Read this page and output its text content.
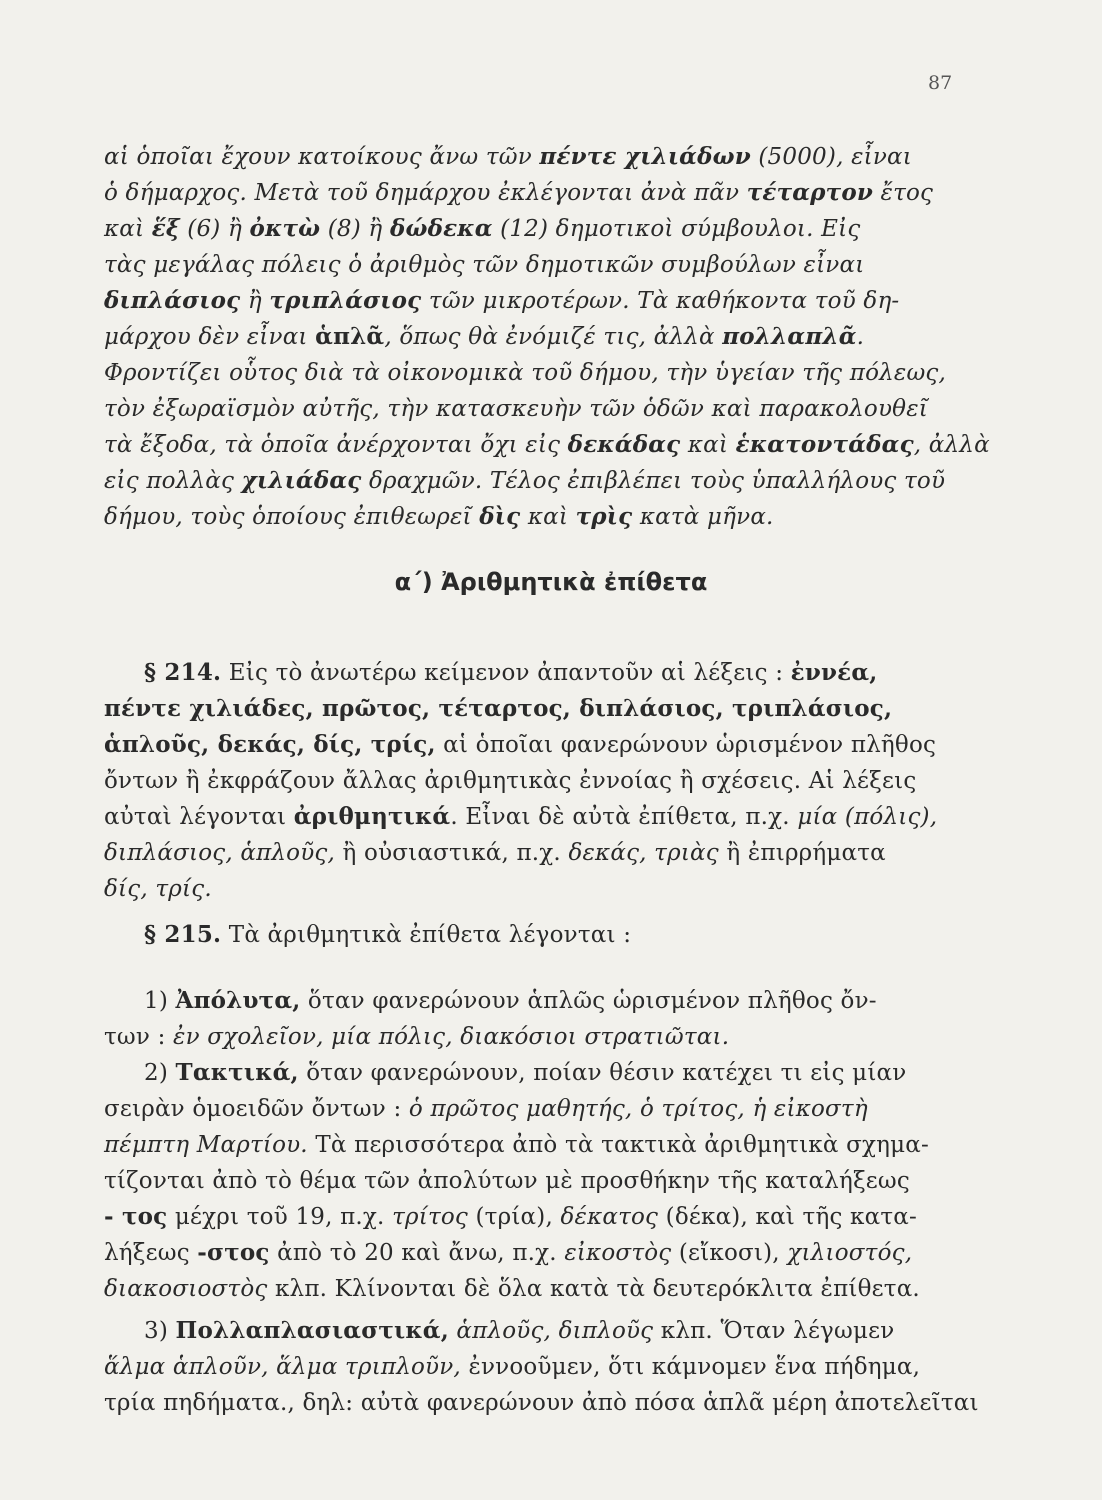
87
αἱ ὁποῖαι ἔχουν κατοίκους ἄνω τῶν πέντε χιλιάδων (5000), εἶναι
ὁ δήμαρχος. Μετὰ τοῦ δημάρχου ἐκλέγονται ἀνὰ πᾶν τέταρτον ἔτος
καὶ ἕξ (6) ἢ ὀκτὼ (8) ἢ δώδεκα (12) δημοτικοὶ σύμβουλοι. Εἰς
τὰς μεγάλας πόλεις ὁ ἀριθμὸς τῶν δημοτικῶν συμβούλων εἶναι
διπλάσιος ἢ τριπλάσιος τῶν μικροτέρων. Τὰ καθήκοντα τοῦ δη-
μάρχου δὲν εἶναι ἁπλᾶ, ὅπως θὰ ἐνόμιζέ τις, ἀλλὰ πολλαπλᾶ.
Φροντίζει οὗτος διὰ τὰ οἰκονομικὰ τοῦ δήμου, τὴν ὑγείαν τῆς πόλεως,
τὸν ἐξωραϊσμὸν αὐτῆς, τὴν κατασκευὴν τῶν ὁδῶν καὶ παρακολουθεῖ
τὰ ἔξοδα, τὰ ὁποῖα ἀνέρχονται ὄχι εἰς δεκάδας καὶ ἑκατοντάδας, ἀλλὰ
εἰς πολλὰς χιλιάδας δραχμῶν. Τέλος ἐπιβλέπει τοὺς ὑπαλλήλους τοῦ
δήμου, τοὺς ὁποίους ἐπιθεωρεῖ δὶς καὶ τρὶς κατὰ μῆνα.
α΄) Ἀριθμητικὰ ἐπίθετα
§ 214. Εἰς τὸ ἀνωτέρω κείμενον ἀπαντοῦν αἱ λέξεις : ἐννέα,
πέντε χιλιάδες, πρῶτος, τέταρτος, διπλάσιος, τριπλάσιος,
ἁπλοῦς, δεκάς, δίς, τρίς, αἱ ὁποῖαι φανερώνουν ὡρισμένον πλῆθος
ὄντων ἢ ἐκφράζουν ἄλλας ἀριθμητικὰς ἐννοίας ἢ σχέσεις. Αἱ λέξεις
αὐταὶ λέγονται ἀριθμητικά. Εἶναι δὲ αὐτὰ ἐπίθετα, π.χ. μία (πόλις),
διπλάσιος, ἁπλοῦς, ἢ οὐσιαστικά, π.χ. δεκάς, τριὰς ἢ ἐπιρρήματα
δίς, τρίς.
§ 215. Τὰ ἀριθμητικὰ ἐπίθετα λέγονται :
1) Ἀπόλυτα, ὅταν φανερώνουν ἁπλῶς ὡρισμένον πλῆθος ὄν-
των : ἐν σχολεῖον, μία πόλις, διακόσιοι στρατιῶται.
2) Τακτικά, ὅταν φανερώνουν, ποίαν θέσιν κατέχει τι εἰς μίαν
σειρὰν ὁμοειδῶν ὄντων : ὁ πρῶτος μαθητής, ὁ τρίτος, ἡ εἰκοστὴ
πέμπτη Μαρτίου. Τὰ περισσότερα ἀπὸ τὰ τακτικὰ ἀριθμητικὰ σχημα-
τίζονται ἀπὸ τὸ θέμα τῶν ἀπολύτων μὲ προσθήκην τῆς καταλήξεως
- τος μέχρι τοῦ 19, π.χ. τρίτος (τρία), δέκατος (δέκα), καὶ τῆς κατα-
λήξεως -στος ἀπὸ τὸ 20 καὶ ἄνω, π.χ. εἰκοστὸς (εἴκοσι), χιλιοστός,
διακοσιοστὸς κλπ. Κλίνονται δὲ ὅλα κατὰ τὰ δευτερόκλιτα ἐπίθετα.
3) Πολλαπλασιαστικά, ἁπλοῦς, διπλοῦς κλπ. Ὅταν λέγωμεν
ἅλμα ἁπλοῦν, ἅλμα τριπλοῦν, ἐννοοῦμεν, ὅτι κάμνομεν ἕνα πήδημα,
τρία πηδήματα., δηλ: αὐτὰ φανερώνουν ἀπὸ πόσα ἁπλᾶ μέρη ἀποτελεῖται
